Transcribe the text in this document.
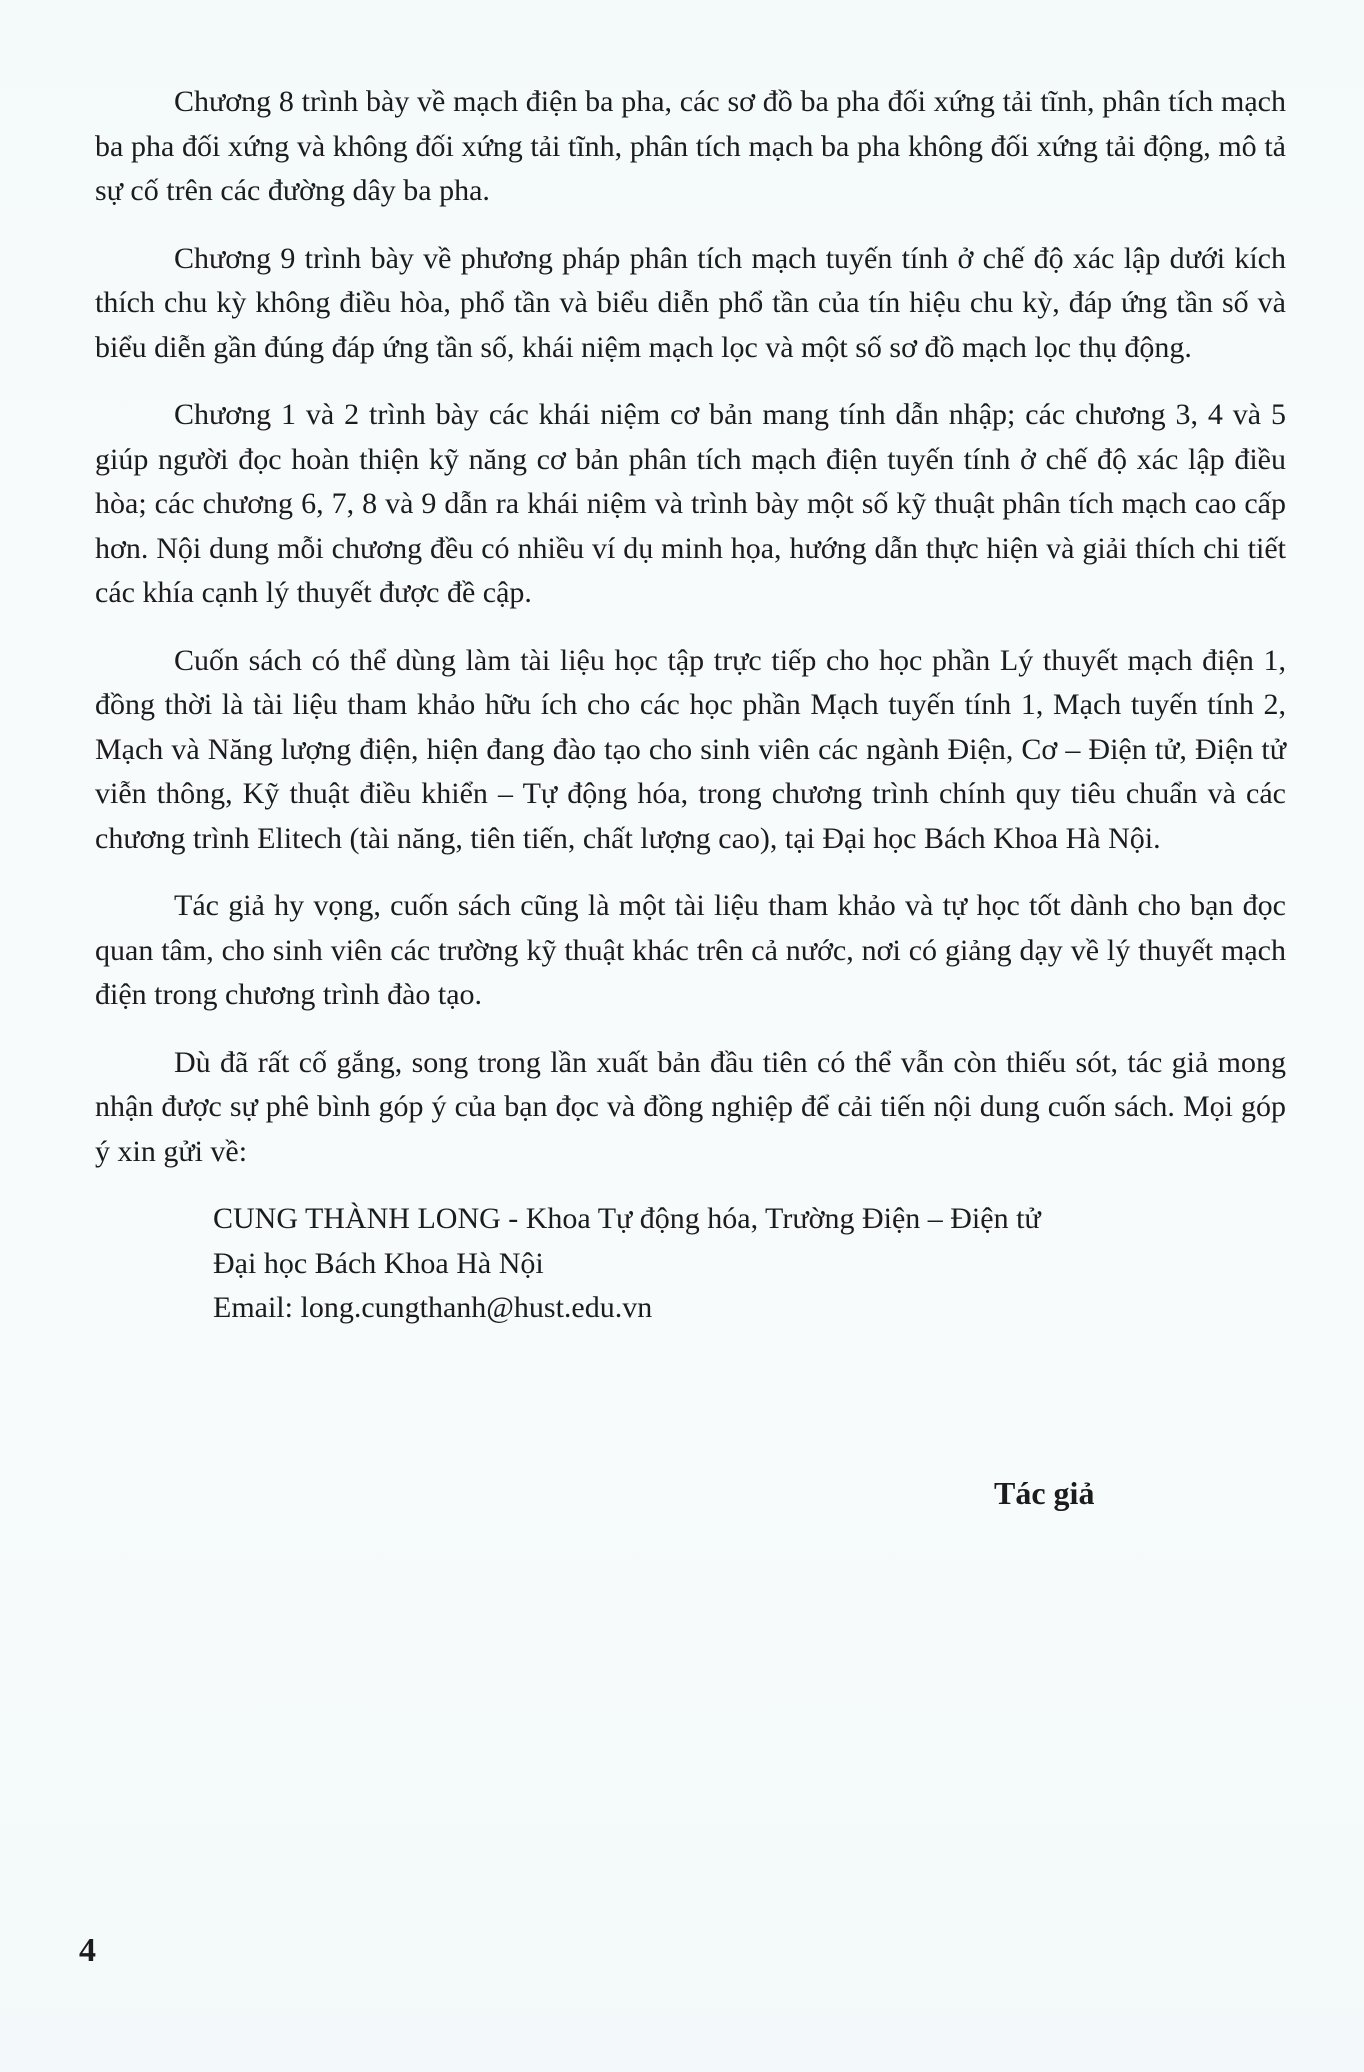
Chương 8 trình bày về mạch điện ba pha, các sơ đồ ba pha đối xứng tải tĩnh, phân tích mạch ba pha đối xứng và không đối xứng tải tĩnh, phân tích mạch ba pha không đối xứng tải động, mô tả sự cố trên các đường dây ba pha.

Chương 9 trình bày về phương pháp phân tích mạch tuyến tính ở chế độ xác lập dưới kích thích chu kỳ không điều hòa, phổ tần và biểu diễn phổ tần của tín hiệu chu kỳ, đáp ứng tần số và biểu diễn gần đúng đáp ứng tần số, khái niệm mạch lọc và một số sơ đồ mạch lọc thụ động.

Chương 1 và 2 trình bày các khái niệm cơ bản mang tính dẫn nhập; các chương 3, 4 và 5 giúp người đọc hoàn thiện kỹ năng cơ bản phân tích mạch điện tuyến tính ở chế độ xác lập điều hòa; các chương 6, 7, 8 và 9 dẫn ra khái niệm và trình bày một số kỹ thuật phân tích mạch cao cấp hơn. Nội dung mỗi chương đều có nhiều ví dụ minh họa, hướng dẫn thực hiện và giải thích chi tiết các khía cạnh lý thuyết được đề cập.

Cuốn sách có thể dùng làm tài liệu học tập trực tiếp cho học phần Lý thuyết mạch điện 1, đồng thời là tài liệu tham khảo hữu ích cho các học phần Mạch tuyến tính 1, Mạch tuyến tính 2, Mạch và Năng lượng điện, hiện đang đào tạo cho sinh viên các ngành Điện, Cơ – Điện tử, Điện tử viễn thông, Kỹ thuật điều khiển – Tự động hóa, trong chương trình chính quy tiêu chuẩn và các chương trình Elitech (tài năng, tiên tiến, chất lượng cao), tại Đại học Bách Khoa Hà Nội.

Tác giả hy vọng, cuốn sách cũng là một tài liệu tham khảo và tự học tốt dành cho bạn đọc quan tâm, cho sinh viên các trường kỹ thuật khác trên cả nước, nơi có giảng dạy về lý thuyết mạch điện trong chương trình đào tạo.

Dù đã rất cố gắng, song trong lần xuất bản đầu tiên có thể vẫn còn thiếu sót, tác giả mong nhận được sự phê bình góp ý của bạn đọc và đồng nghiệp để cải tiến nội dung cuốn sách. Mọi góp ý xin gửi về:

CUNG THÀNH LONG - Khoa Tự động hóa, Trường Điện – Điện tử
Đại học Bách Khoa Hà Nội
Email: long.cungthanh@hust.edu.vn
Tác giả
4
